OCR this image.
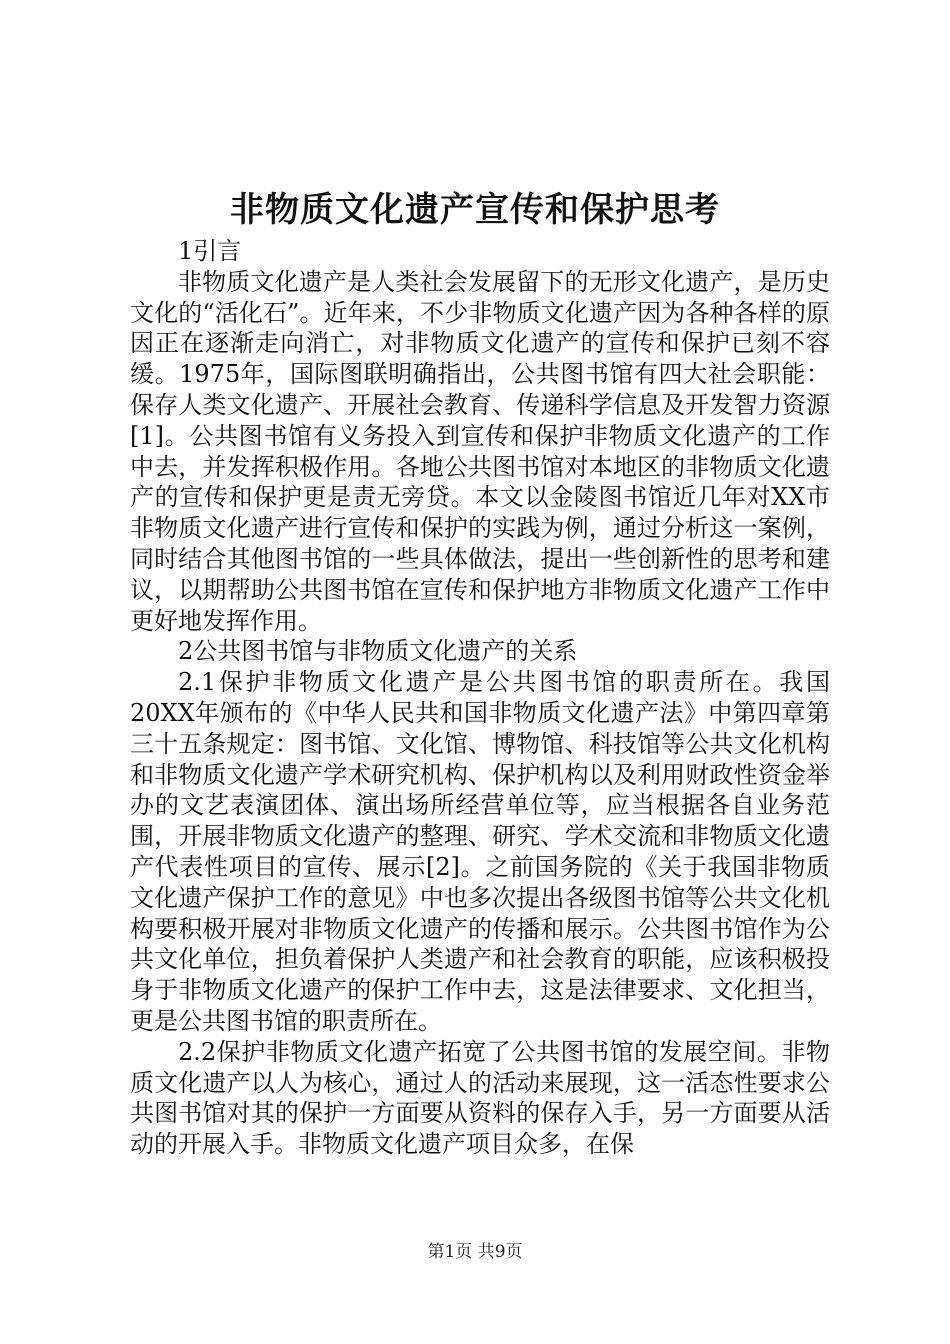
非物质文化遗产宣传和保护思考

1引言

非物质文化遗产是人类社会发展留下的无形文化遗产，是历史文化的“活化石”。近年来，不少非物质文化遗产因为各种各样的原因正在逐渐走向消亡，对非物质文化遗产的宣传和保护已刻不容缓。1975年，国际图联明确指出，公共图书馆有四大社会职能：保存人类文化遗产、开展社会教育、传递科学信息及开发智力资源[1]。公共图书馆有义务投入到宣传和保护非物质文化遗产的工作中去，并发挥积极作用。各地公共图书馆对本地区的非物质文化遗产的宣传和保护更是责无旁贷。本文以金陵图书馆近几年对XX市非物质文化遗产进行宣传和保护的实践为例，通过分析这一案例，同时结合其他图书馆的一些具体做法，提出一些创新性的思考和建议，以期帮助公共图书馆在宣传和保护地方非物质文化遗产工作中更好地发挥作用。

2公共图书馆与非物质文化遗产的关系

2.1保护非物质文化遗产是公共图书馆的职责所在。我国20XX年颁布的《中华人民共和国非物质文化遗产法》中第四章第三十五条规定：图书馆、文化馆、博物馆、科技馆等公共文化机构和非物质文化遗产学术研究机构、保护机构以及利用财政性资金举办的文艺表演团体、演出场所经营单位等，应当根据各自业务范围，开展非物质文化遗产的整理、研究、学术交流和非物质文化遗产代表性项目的宣传、展示[2]。之前国务院的《关于我国非物质文化遗产保护工作的意见》中也多次提出各级图书馆等公共文化机构要积极开展对非物质文化遗产的传播和展示。公共图书馆作为公共文化单位，担负着保护人类遗产和社会教育的职能，应该积极投身于非物质文化遗产的保护工作中去，这是法律要求、文化担当，更是公共图书馆的职责所在。

2.2保护非物质文化遗产拓宽了公共图书馆的发展空间。非物质文化遗产以人为核心，通过人的活动来展现，这一活态性要求公共图书馆对其的保护一方面要从资料的保存入手，另一方面要从活动的开展入手。非物质文化遗产项目众多，在保

第1页 共9页
